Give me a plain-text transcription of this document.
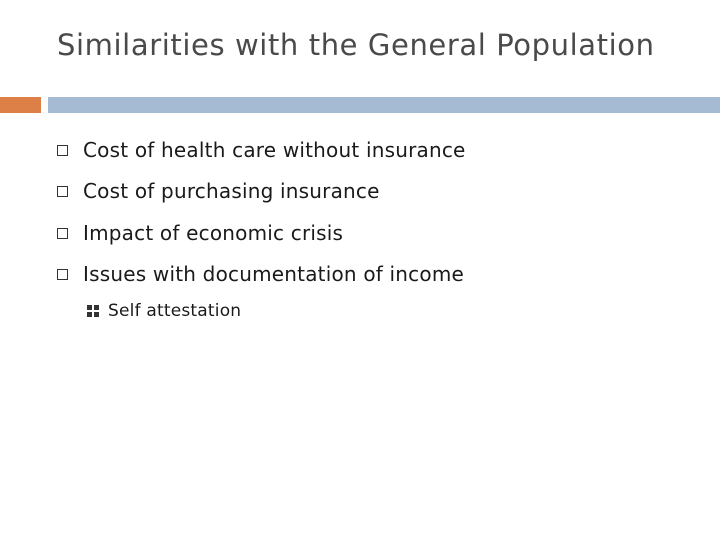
Similarities with the General Population
Cost of health care without insurance
Cost of purchasing insurance
Impact of economic crisis
Issues with documentation of income
Self attestation
